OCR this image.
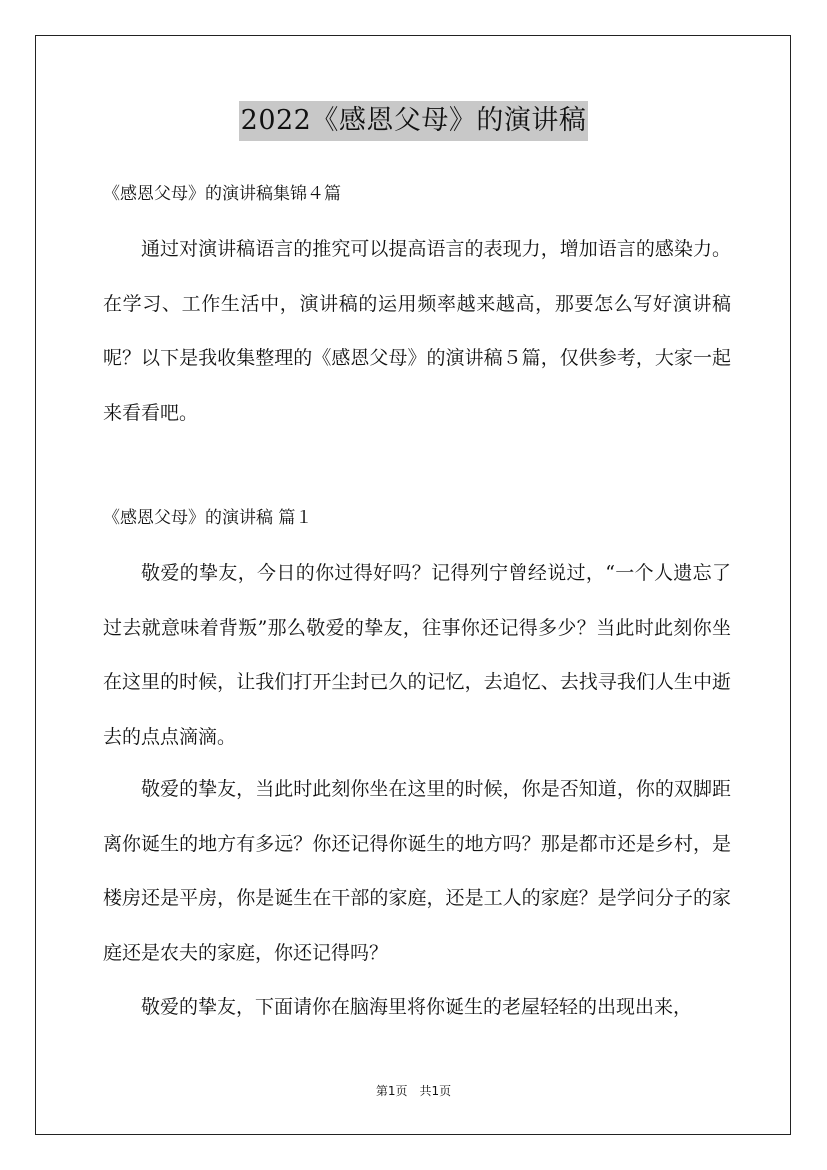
2022《感恩父母》的演讲稿
《感恩父母》的演讲稿集锦４篇

通过对演讲稿语言的推究可以提高语言的表现力，增加语言的感染力。在学习、工作生活中，演讲稿的运用频率越来越高，那要怎么写好演讲稿呢？以下是我收集整理的《感恩父母》的演讲稿５篇，仅供参考，大家一起来看看吧。

《感恩父母》的演讲稿 篇１

敬爱的挚友，今日的你过得好吗？记得列宁曾经说过，“一个人遗忘了过去就意味着背叛”那么敬爱的挚友，往事你还记得多少？当此时此刻你坐在这里的时候，让我们打开尘封已久的记忆，去追忆、去找寻我们人生中逝去的点点滴滴。

敬爱的挚友，当此时此刻你坐在这里的时候，你是否知道，你的双脚距离你诞生的地方有多远？你还记得你诞生的地方吗？那是都市还是乡村，是楼房还是平房，你是诞生在干部的家庭，还是工人的家庭？是学问分子的家庭还是农夫的家庭，你还记得吗？

敬爱的挚友，下面请你在脑海里将你诞生的老屋轻轻的出现出来，

第1页　共1页
